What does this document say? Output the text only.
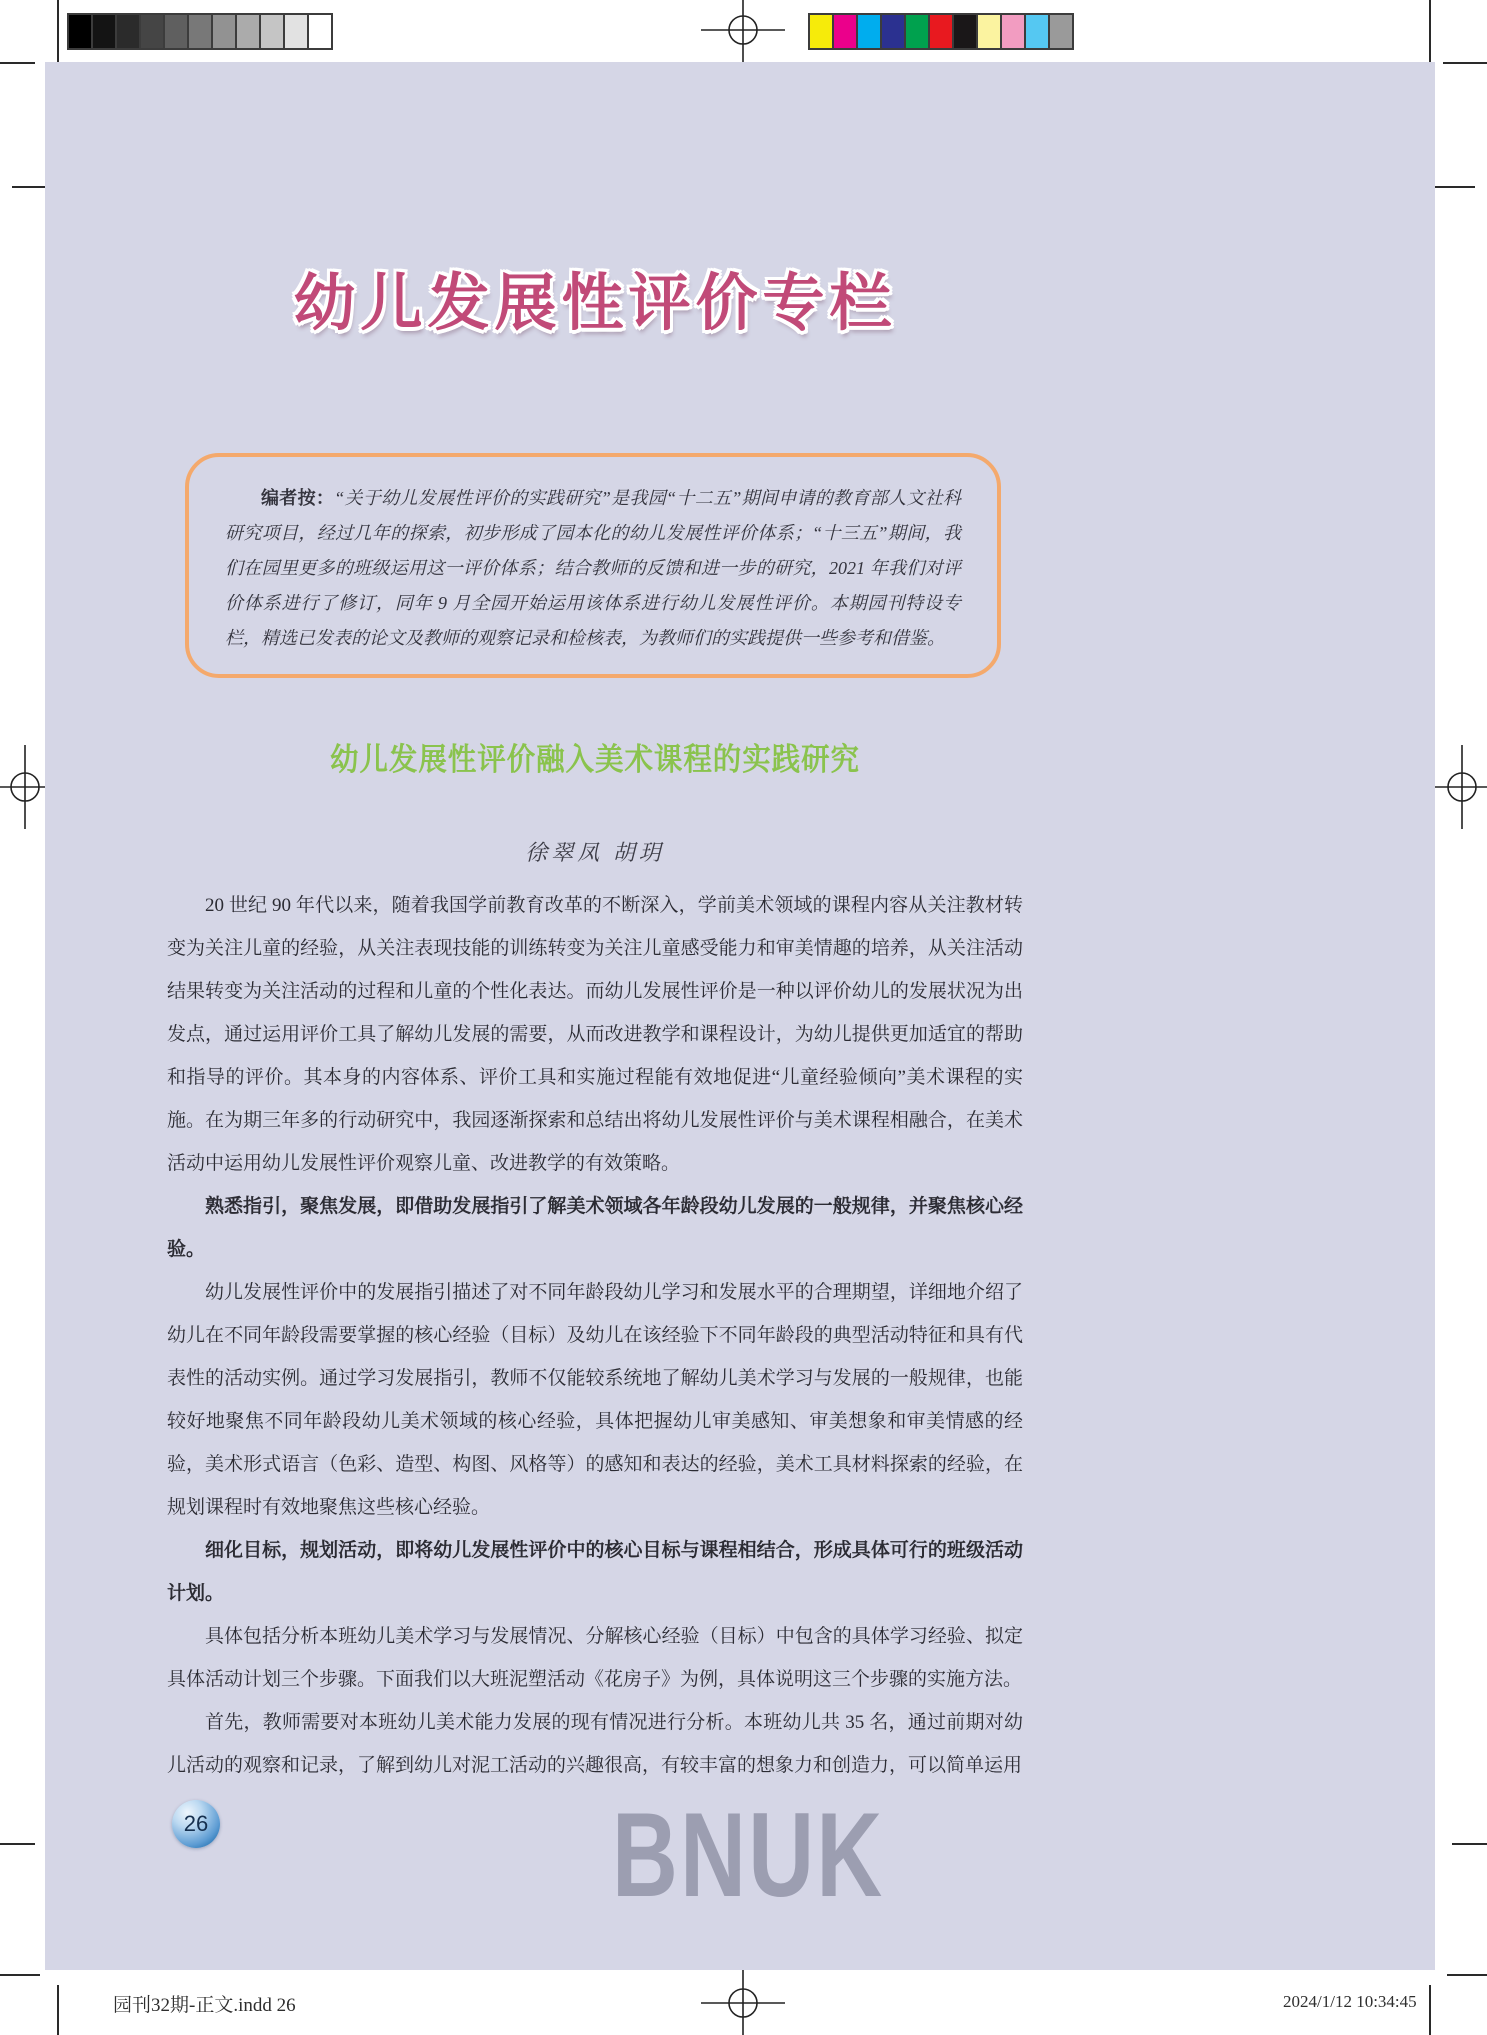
幼儿发展性评价专栏

编者按：“关于幼儿发展性评价的实践研究”是我园“十二五”期间申请的教育部人文社科研究项目，经过几年的探索，初步形成了园本化的幼儿发展性评价体系；“十三五”期间，我们在园里更多的班级运用这一评价体系；结合教师的反馈和进一步的研究，2021 年我们对评价体系进行了修订，同年 9 月全园开始运用该体系进行幼儿发展性评价。本期园刊特设专栏，精选已发表的论文及教师的观察记录和检核表，为教师们的实践提供一些参考和借鉴。

幼儿发展性评价融入美术课程的实践研究
徐翠凤 胡玥

20 世纪 90 年代以来，随着我国学前教育改革的不断深入，学前美术领域的课程内容从关注教材转变为关注儿童的经验，从关注表现技能的训练转变为关注儿童感受能力和审美情趣的培养，从关注活动结果转变为关注活动的过程和儿童的个性化表达。而幼儿发展性评价是一种以评价幼儿的发展状况为出发点，通过运用评价工具了解幼儿发展的需要，从而改进教学和课程设计，为幼儿提供更加适宜的帮助和指导的评价。其本身的内容体系、评价工具和实施过程能有效地促进“儿童经验倾向”美术课程的实施。在为期三年多的行动研究中，我园逐渐探索和总结出将幼儿发展性评价与美术课程相融合，在美术活动中运用幼儿发展性评价观察儿童、改进教学的有效策略。

熟悉指引，聚焦发展，即借助发展指引了解美术领域各年龄段幼儿发展的一般规律，并聚焦核心经验。

幼儿发展性评价中的发展指引描述了对不同年龄段幼儿学习和发展水平的合理期望，详细地介绍了幼儿在不同年龄段需要掌握的核心经验（目标）及幼儿在该经验下不同年龄段的典型活动特征和具有代表性的活动实例。通过学习发展指引，教师不仅能较系统地了解幼儿美术学习与发展的一般规律，也能较好地聚焦不同年龄段幼儿美术领域的核心经验，具体把握幼儿审美感知、审美想象和审美情感的经验，美术形式语言（色彩、造型、构图、风格等）的感知和表达的经验，美术工具材料探索的经验，在规划课程时有效地聚焦这些核心经验。

细化目标，规划活动，即将幼儿发展性评价中的核心目标与课程相结合，形成具体可行的班级活动计划。

具体包括分析本班幼儿美术学习与发展情况、分解核心经验（目标）中包含的具体学习经验、拟定具体活动计划三个步骤。下面我们以大班泥塑活动《花房子》为例，具体说明这三个步骤的实施方法。

首先，教师需要对本班幼儿美术能力发展的现有情况进行分析。本班幼儿共 35 名，通过前期对幼儿活动的观察和记录，了解到幼儿对泥工活动的兴趣很高，有较丰富的想象力和创造力，可以简单运用

26	BNUK
园刊32期-正文.indd 26	2024/1/12 10:34:45
